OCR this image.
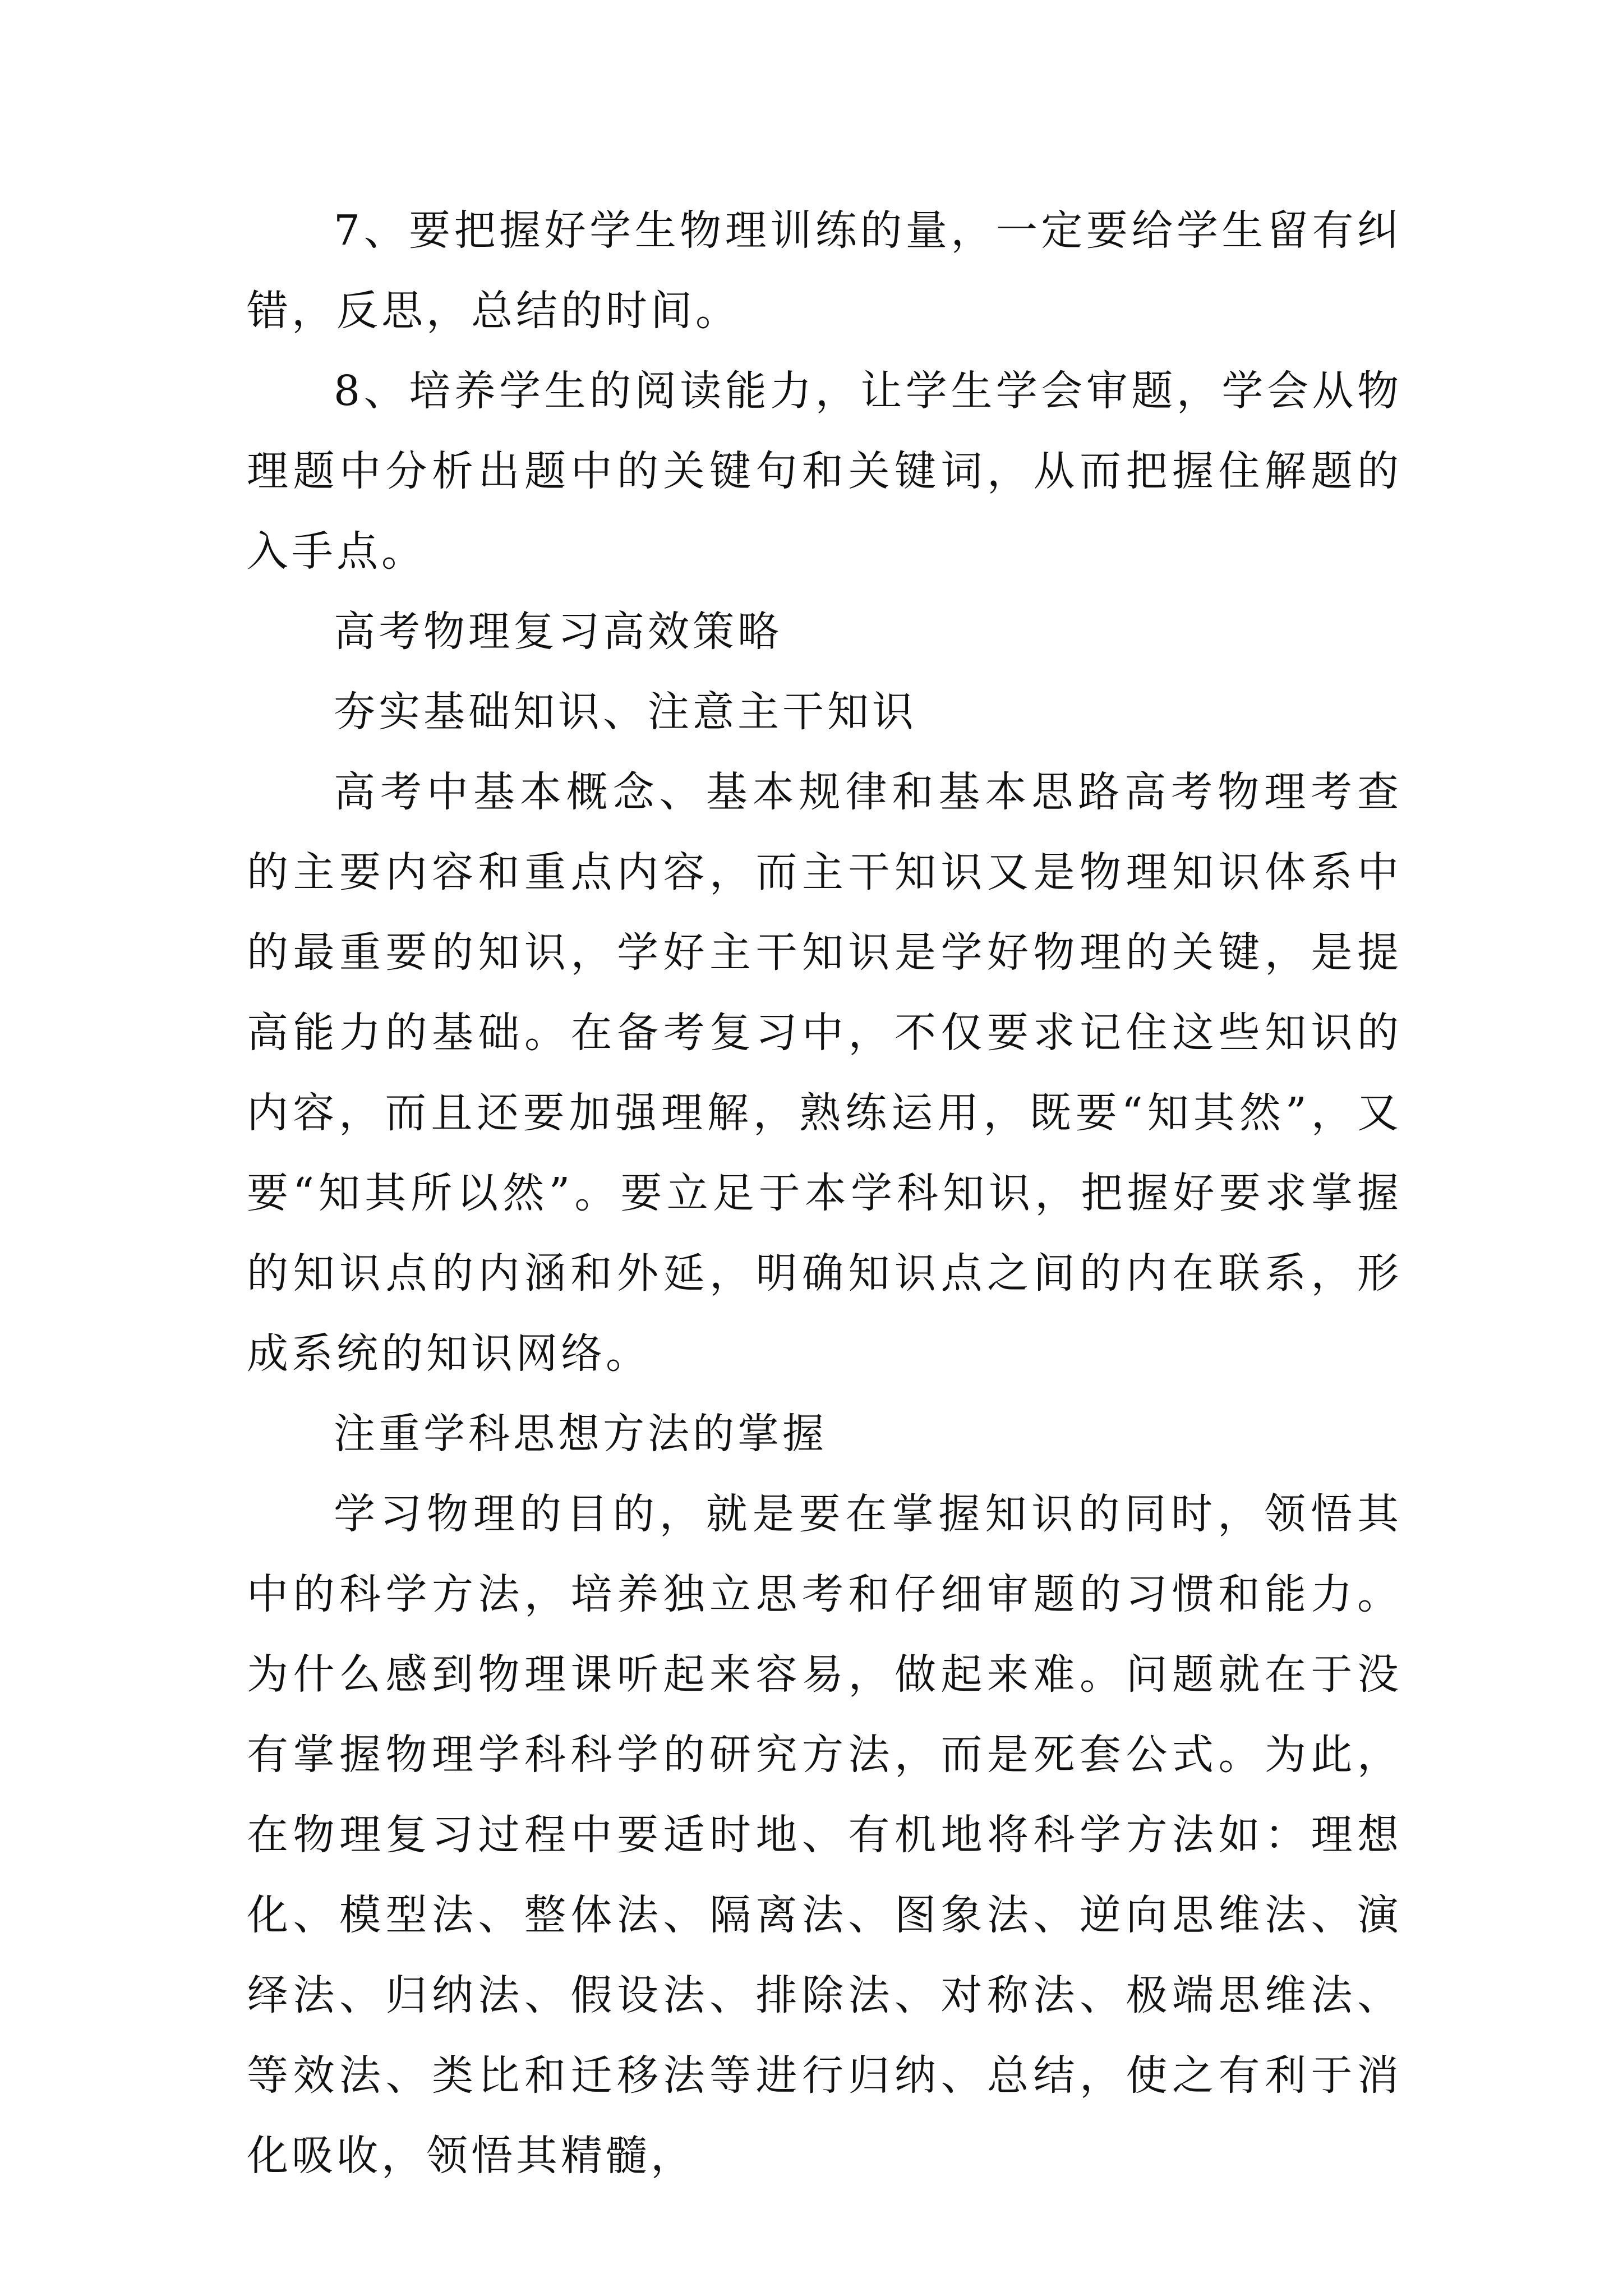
7、要把握好学生物理训练的量，一定要给学生留有纠错，反思，总结的时间。

8、培养学生的阅读能力，让学生学会审题，学会从物理题中分析出题中的关键句和关键词，从而把握住解题的入手点。

高考物理复习高效策略

夯实基础知识、注意主干知识

高考中基本概念、基本规律和基本思路高考物理考查的主要内容和重点内容，而主干知识又是物理知识体系中的最重要的知识，学好主干知识是学好物理的关键，是提高能力的基础。在备考复习中，不仅要求记住这些知识的内容，而且还要加强理解，熟练运用，既要“知其然”，又要“知其所以然”。要立足于本学科知识，把握好要求掌握的知识点的内涵和外延，明确知识点之间的内在联系，形成系统的知识网络。

注重学科思想方法的掌握

学习物理的目的，就是要在掌握知识的同时，领悟其中的科学方法，培养独立思考和仔细审题的习惯和能力。为什么感到物理课听起来容易，做起来难。问题就在于没有掌握物理学科科学的研究方法，而是死套公式。为此，在物理复习过程中要适时地、有机地将科学方法如：理想化、模型法、整体法、隔离法、图象法、逆向思维法、演绎法、归纳法、假设法、排除法、对称法、极端思维法、等效法、类比和迁移法等进行归纳、总结，使之有利于消化吸收，领悟其精髓，
